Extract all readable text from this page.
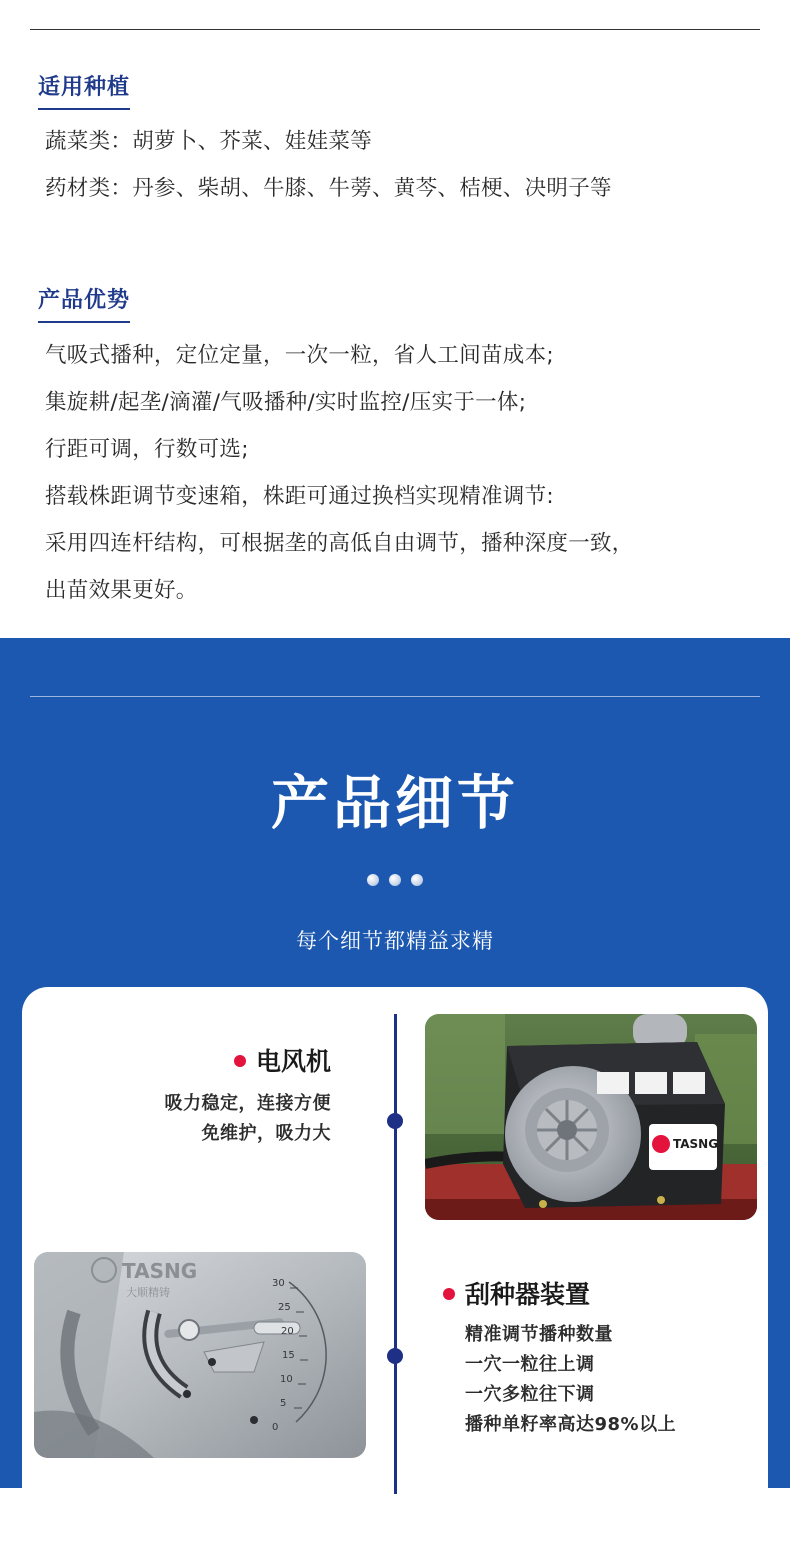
适用种植
蔬菜类：胡萝卜、芥菜、娃娃菜等
药材类：丹参、柴胡、牛膝、牛蒡、黄芩、桔梗、决明子等
产品优势
气吸式播种，定位定量，一次一粒，省人工间苗成本;
集旋耕/起垄/滴灌/气吸播种/实时监控/压实于一体;
行距可调，行数可选;
搭载株距调节变速箱，株距可通过换档实现精准调节:
采用四连杆结构，可根据垄的高低自由调节，播种深度一致，
出苗效果更好。
产品细节
每个细节都精益求精
电风机
吸力稳定，连接方便
免维护，吸力大	TASNG
TASNG
大顺精铸
30
25
20
15
10
5
0
刮种器装置
精准调节播种数量
一穴一粒往上调
一穴多粒往下调
播种单籽率高达98%以上
